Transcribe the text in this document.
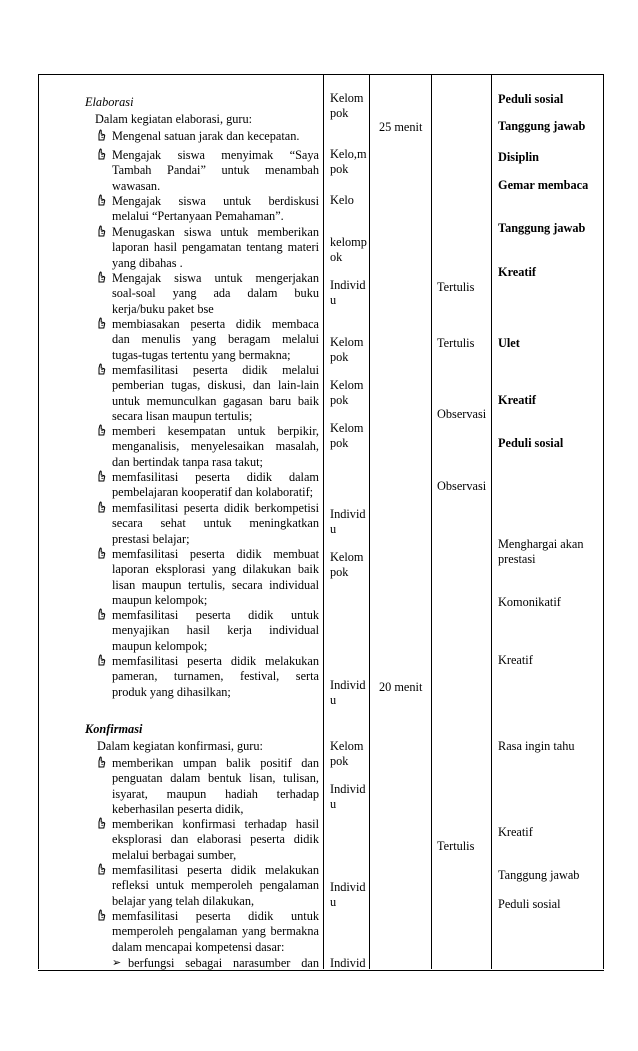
Elaborasi
Dalam kegiatan elaborasi, guru:
Mengenal satuan jarak dan kecepatan.
Mengajak siswa menyimak “Saya
Tambah Pandai” untuk menambah
wawasan.
Mengajak siswa untuk berdiskusi
melalui “Pertanyaan Pemahaman”.
Menugaskan siswa untuk memberikan
laporan hasil pengamatan tentang materi
yang dibahas .
Mengajak siswa untuk mengerjakan
soal-soal yang ada dalam buku
kerja/buku paket bse
membiasakan peserta didik membaca
dan menulis yang beragam melalui
tugas-tugas tertentu yang bermakna;
memfasilitasi peserta didik melalui
pemberian tugas, diskusi, dan lain-lain
untuk memunculkan gagasan baru baik
secara lisan maupun tertulis;
memberi kesempatan untuk berpikir,
menganalisis, menyelesaikan masalah,
dan bertindak tanpa rasa takut;
memfasilitasi peserta didik dalam
pembelajaran kooperatif dan kolaboratif;
memfasilitasi peserta didik berkompetisi
secara sehat untuk meningkatkan
prestasi belajar;
memfasilitasi peserta didik membuat
laporan eksplorasi yang dilakukan baik
lisan maupun tertulis, secara individual
maupun kelompok;
memfasilitasi peserta didik untuk
menyajikan hasil kerja individual
maupun kelompok;
memfasilitasi peserta didik melakukan
pameran, turnamen, festival, serta
produk yang dihasilkan;
Konfirmasi
Dalam kegiatan konfirmasi, guru:
memberikan umpan balik positif dan
penguatan dalam bentuk lisan, tulisan,
isyarat, maupun hadiah terhadap
keberhasilan peserta didik,
memberikan konfirmasi terhadap hasil
eksplorasi dan elaborasi peserta didik
melalui berbagai sumber,
memfasilitasi peserta didik melakukan
refleksi untuk memperoleh pengalaman
belajar yang telah dilakukan,
memfasilitasi peserta didik untuk
memperoleh pengalaman yang bermakna
dalam mencapai kompetensi dasar:
➢ berfungsi sebagai narasumber dan
Kelom
pok
Kelo,m
pok
Kelo
kelomp
ok
Individ
u
Kelom
pok
Kelom
pok
Kelom
pok
Individ
u
Kelom
pok
Individ
u
Kelom
pok
Individ
u
Individ
u
Individ
25 menit
20 menit
Tertulis
Tertulis
Observasi
Observasi
Tertulis
Peduli sosial
Tanggung jawab
Disiplin
Gemar membaca
Tanggung jawab
Kreatif
Ulet
Kreatif
Peduli sosial
Menghargai akan
prestasi
Komonikatif
Kreatif
Rasa ingin tahu
Kreatif
Tanggung jawab
Peduli sosial
